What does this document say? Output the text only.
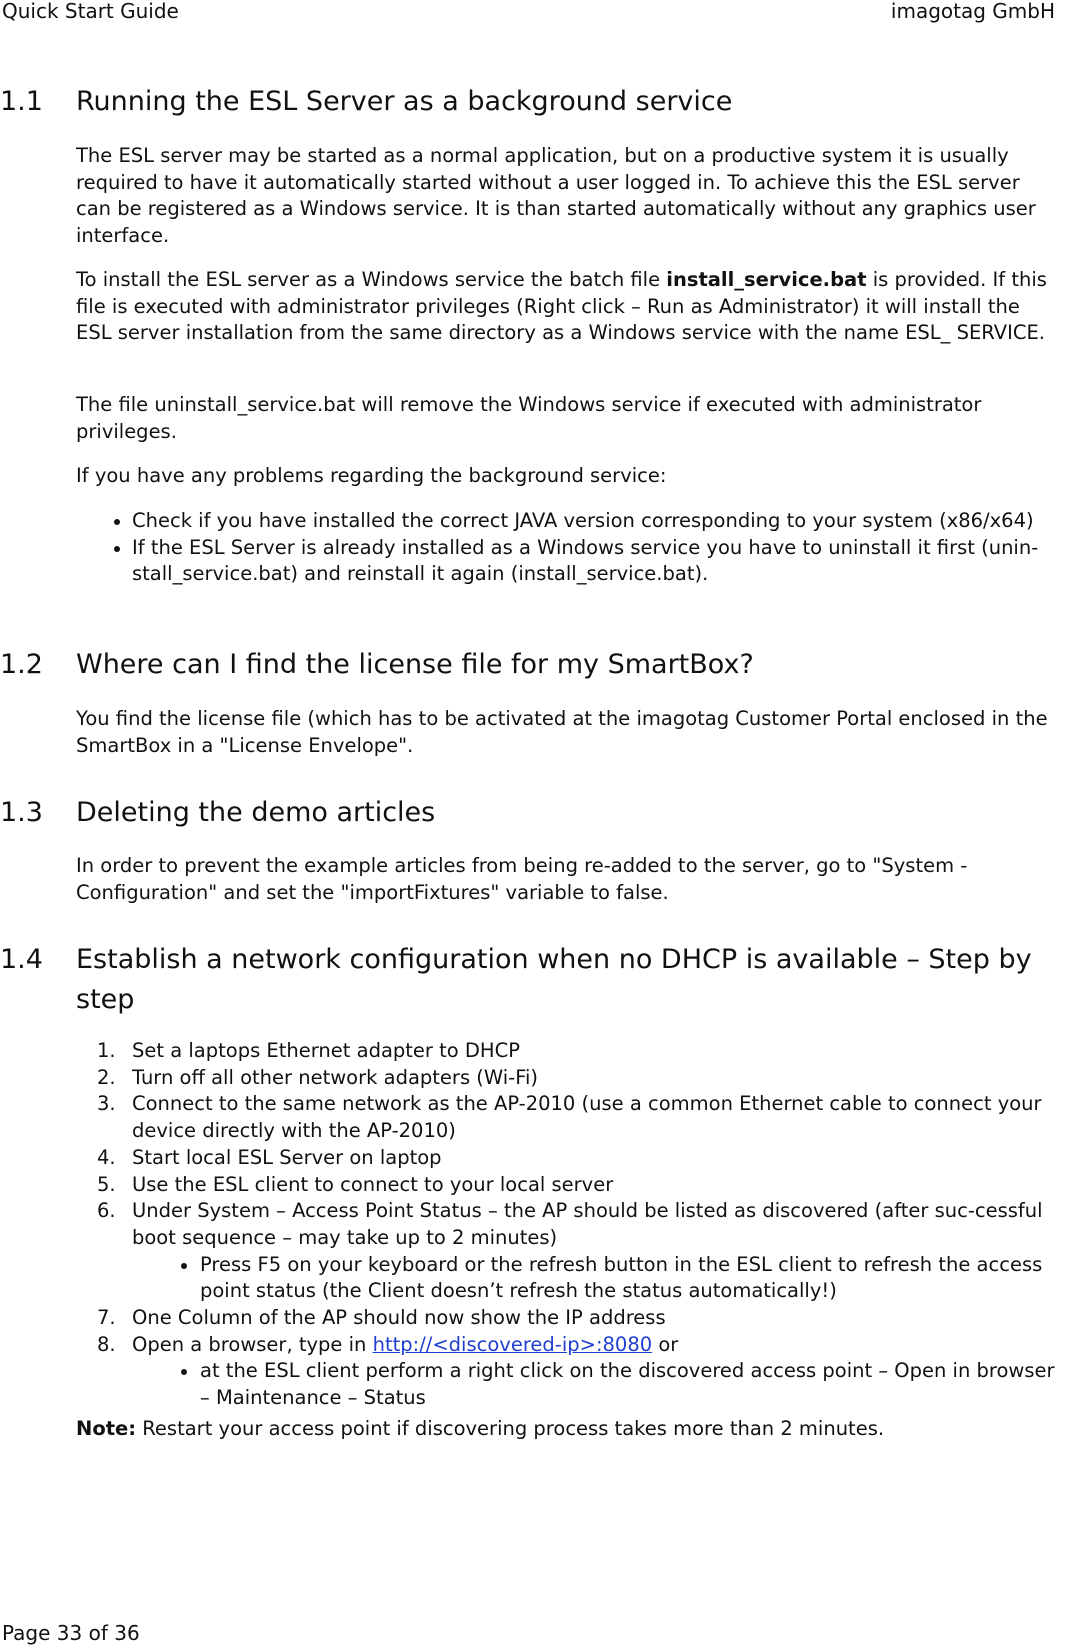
Quick Start Guide	imagotag GmbH
1.1 Running the ESL Server as a background service

The ESL server may be started as a normal application, but on a productive system it is usually required to have it automatically started without a user logged in. To achieve this the ESL server can be registered as a Windows service. It is than started automatically without any graphics user interface.

To install the ESL server as a Windows service the batch file install_service.bat is provided. If this file is executed with administrator privileges (Right click – Run as Administrator) it will install the ESL server installation from the same directory as a Windows service with the name ESL_ SERVICE.

The file uninstall_service.bat will remove the Windows service if executed with administrator privileges.

If you have any problems regarding the background service:

Check if you have installed the correct JAVA version corresponding to your system (x86/x64)
If the ESL Server is already installed as a Windows service you have to uninstall it first (unin-stall_service.bat) and reinstall it again (install_service.bat).
1.2 Where can I find the license file for my SmartBox?

You find the license file (which has to be activated at the imagotag Customer Portal enclosed in the SmartBox in a "License Envelope".

1.3 Deleting the demo articles

In order to prevent the example articles from being re-added to the server, go to "System - Configuration" and set the "importFixtures" variable to false.

1.4 Establish a network configuration when no DHCP is available – Step by step
1. Set a laptops Ethernet adapter to DHCP
2. Turn off all other network adapters (Wi-Fi)
3. Connect to the same network as the AP-2010 (use a common Ethernet cable to connect your device directly with the AP-2010)
4. Start local ESL Server on laptop
5. Use the ESL client to connect to your local server
6. Under System – Access Point Status – the AP should be listed as discovered (after suc-cessful boot sequence – may take up to 2 minutes)
Press F5 on your keyboard or the refresh button in the ESL client to refresh the access point status (the Client doesn’t refresh the status automatically!)
7. One Column of the AP should now show the IP address
8. Open a browser, type in http://<discovered-ip>:8080 or
at the ESL client perform a right click on the discovered access point – Open in browser – Maintenance – Status

Note: Restart your access point if discovering process takes more than 2 minutes.

Page 33 of 36
